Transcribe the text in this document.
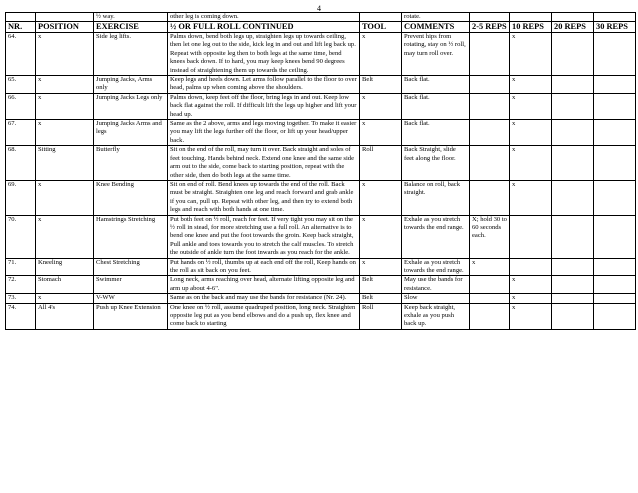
4
		½ way.	other leg is coming down.		rotate.				
NR.	POSITION	EXERCISE	½ OR FULL ROLL CONTINUED	TOOL	COMMENTS	2-5 REPS	10 REPS	20 REPS	30 REPS
64.	x	Side leg lifts.	Palms down, bend both legs up, straighten legs up towards ceiling, then let one leg out to the side, kick leg in and out and lift leg back up. Repeat with opposite leg then to both legs at the same time, bend knees back down. If to hard, you may keep knees bend 90 degrees instead of straightening them up towards the ceiling.	x	Prevent hips from rotating, stay on ½ roll, may turn roll over.		x		
65.	x	Jumping Jacks, Arms only	Keep legs and heels down. Let arms follow parallel to the floor to over head, palms up when coming above the shoulders.	Belt	Back flat.		x		
66.	x	Jumping Jacks Legs only	Palms down, keep feet off the floor, bring legs in and out. Keep low back flat against the roll. If difficult lift the legs up higher and lift your head up.	x	Back flat.		x		
67.	x	Jumping Jacks Arms and legs	Same as the 2 above, arms and legs moving together. To make it easier you may lift the legs further off the floor, or lift up your head/upper back.	x	Back flat.		x		
68.	Sitting	Butterfly	Sit on the end of the roll, may turn it over. Back straight and soles of feet touching. Hands behind neck. Extend one knee and the same side arm out to the side, come back to starting position, repeat with the other side, then do both legs at the same time.	Roll	Back Straight, slide feet along the floor.		x		
69.	x	Knee Bending	Sit on end of roll. Bend knees up towards the end of the roll. Back must be straight. Straighten one leg and reach forward and grab ankle if you can, pull up. Repeat with other leg, and then try to extend both legs and reach with both hands at one time.	x	Balance on roll, back straight.		x		
70.	x	Hamstrings Stretching	Put both feet on ½ roll, reach for feet. If very tight you may sit on the ½ roll in stead, for more stretching use a full roll. An alternative is to bend one knee and put the foot towards the groin. Keep back straight, Pull ankle and toes towards you to stretch the calf muscles. To stretch the outside of ankle turn the foot inwards as you reach for the ankle.	x	Exhale as you stretch towards the end range.	X; hold 30 to 60 seconds each.			
71.	Kneeling	Chest Stretching	Put hands on ½ roll, thumbs up at each end off the roll, Keep hands on the roll as sit back on you feet.	x	Exhale as you stretch towards the end range.	x			
72.	Stomach	Swimmer	Long neck, arms reaching over head, alternate lifting opposite leg and arm up about 4-6".	Belt	May use the bands for resistance.		x		
73.	x	V-WW	Same as on the back and may use the bands for resistance (Nr. 24).	Belt	Slow		x		
74.	All 4's	Push up Knee Extension	One knee on ½ roll, assume quadruped position, long neck. Straighten opposite leg put as you bend elbows and do a push up, flex knee and come back to starting	Roll	Keep back straight, exhale as you push back up.		x		
